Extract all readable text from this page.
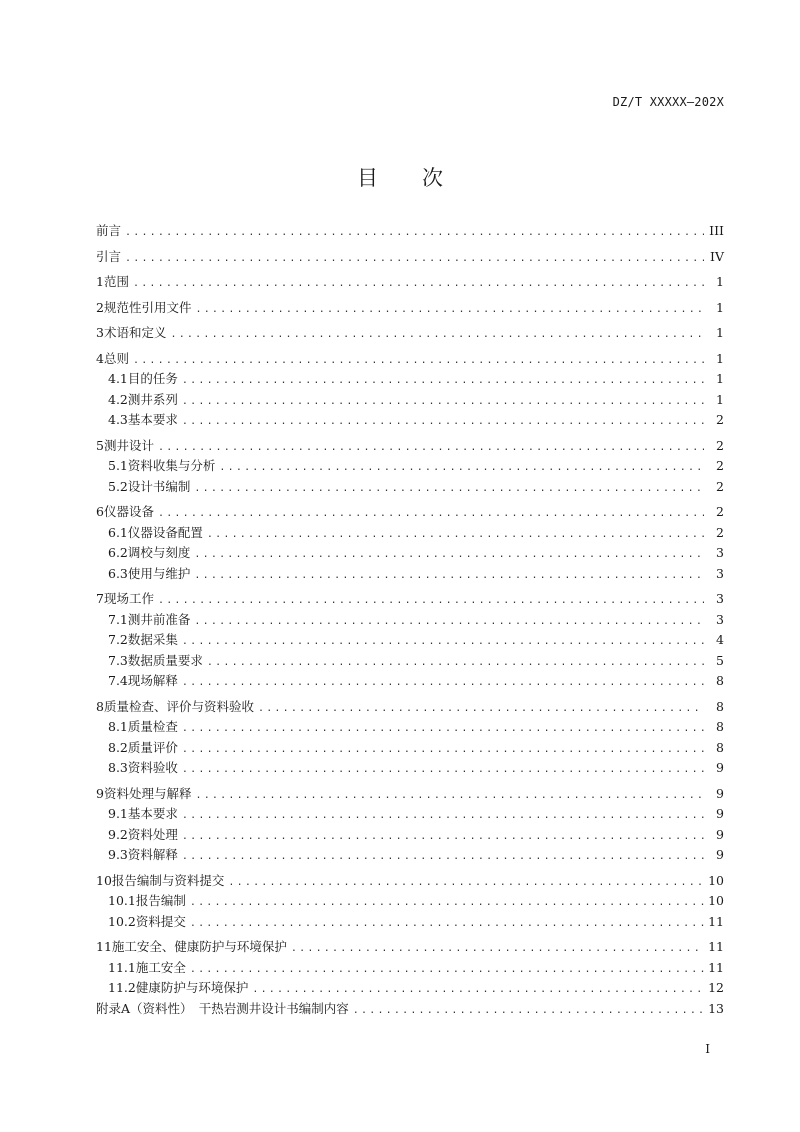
DZ/T XXXXX—202X
目次
前言 .....	III
引言 .....	IV
1 范围 .....	1
2 规范性引用文件 .....	1
3 术语和定义 .....	1
4 总则 .....	1
4.1 目的任务 .....	1
4.2 测井系列 .....	1
4.3 基本要求 .....	2
5 测井设计 .....	2
5.1 资料收集与分析 .....	2
5.2 设计书编制 .....	2
6 仪器设备 .....	2
6.1 仪器设备配置 .....	2
6.2 调校与刻度 .....	3
6.3 使用与维护 .....	3
7 现场工作 .....	3
7.1 测井前准备 .....	3
7.2 数据采集 .....	4
7.3 数据质量要求 .....	5
7.4 现场解释 .....	8
8 质量检查、评价与资料验收 .....	8
8.1 质量检查 .....	8
8.2 质量评价 .....	8
8.3 资料验收 .....	9
9 资料处理与解释 .....	9
9.1 基本要求 .....	9
9.2 资料处理 .....	9
9.3 资料解释 .....	9
10 报告编制与资料提交 .....	10
10.1 报告编制 .....	10
10.2 资料提交 .....	11
11 施工安全、健康防护与环境保护 .....	11
11.1 施工安全 .....	11
11.2 健康防护与环境保护 .....	12
附录A（资料性）　干热岩测井设计书编制内容 .....	13
I
